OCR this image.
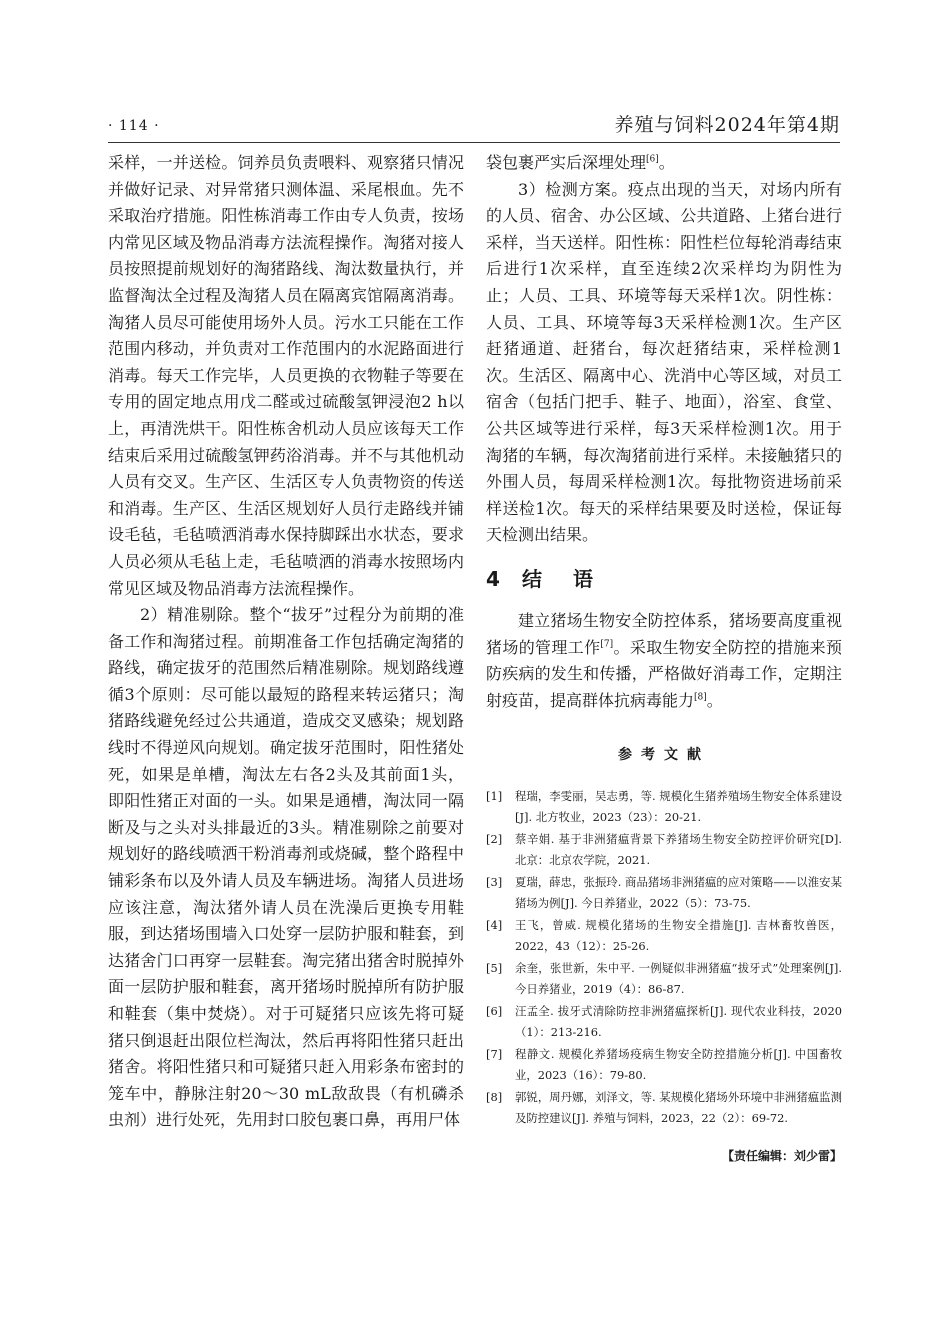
· 114 ·	养殖与饲料2024年第4期

采样，一并送检。饲养员负责喂料、观察猪只情况并做好记录、对异常猪只测体温、采尾根血。先不采取治疗措施。阳性栋消毒工作由专人负责，按场内常见区域及物品消毒方法流程操作。淘猪对接人员按照提前规划好的淘猪路线、淘汰数量执行，并监督淘汰全过程及淘猪人员在隔离宾馆隔离消毒。淘猪人员尽可能使用场外人员。污水工只能在工作范围内移动，并负责对工作范围内的水泥路面进行消毒。每天工作完毕，人员更换的衣物鞋子等要在专用的固定地点用戊二醛或过硫酸氢钾浸泡2 h以上，再清洗烘干。阳性栋舍机动人员应该每天工作结束后采用过硫酸氢钾药浴消毒。并不与其他机动人员有交叉。生产区、生活区专人负责物资的传送和消毒。生产区、生活区规划好人员行走路线并铺设毛毡，毛毡喷洒消毒水保持脚踩出水状态，要求人员必须从毛毡上走，毛毡喷洒的消毒水按照场内常见区域及物品消毒方法流程操作。

2）精准剔除。整个“拔牙”过程分为前期的准备工作和淘猪过程。前期准备工作包括确定淘猪的路线，确定拔牙的范围然后精准剔除。规划路线遵循3个原则：尽可能以最短的路程来转运猪只；淘猪路线避免经过公共通道，造成交叉感染；规划路线时不得逆风向规划。确定拔牙范围时，阳性猪处死，如果是单槽，淘汰左右各2头及其前面1头，即阳性猪正对面的一头。如果是通槽，淘汰同一隔断及与之头对头排最近的3头。精准剔除之前要对规划好的路线喷洒干粉消毒剂或烧碱，整个路程中铺彩条布以及外请人员及车辆进场。淘猪人员进场应该注意，淘汰猪外请人员在洗澡后更换专用鞋服，到达猪场围墙入口处穿一层防护服和鞋套，到达猪舍门口再穿一层鞋套。淘完猪出猪舍时脱掉外面一层防护服和鞋套，离开猪场时脱掉所有防护服和鞋套（集中焚烧）。对于可疑猪只应该先将可疑猪只倒退赶出限位栏淘汰，然后再将阳性猪只赶出猪舍。将阳性猪只和可疑猪只赶入用彩条布密封的笼车中，静脉注射20～30 mL敌敌畏（有机磷杀虫剂）进行处死，先用封口胶包裹口鼻，再用尸体

袋包裹严实后深埋处理[6]。

3）检测方案。疫点出现的当天，对场内所有的人员、宿舍、办公区域、公共道路、上猪台进行采样，当天送样。阳性栋：阳性栏位每轮消毒结束后进行1次采样，直至连续2次采样均为阴性为止；人员、工具、环境等每天采样1次。阴性栋：人员、工具、环境等每3天采样检测1次。生产区赶猪通道、赶猪台，每次赶猪结束，采样检测1次。生活区、隔离中心、洗消中心等区域，对员工宿舍（包括门把手、鞋子、地面），浴室、食堂、公共区域等进行采样，每3天采样检测1次。用于淘猪的车辆，每次淘猪前进行采样。未接触猪只的外围人员，每周采样检测1次。每批物资进场前采样送检1次。每天的采样结果要及时送检，保证每天检测出结果。

4 结 语

建立猪场生物安全防控体系，猪场要高度重视猪场的管理工作[7]。采取生物安全防控的措施来预防疾病的发生和传播，严格做好消毒工作，定期注射疫苗，提高群体抗病毒能力[8]。

参考文献
[1] 程瑞，李雯丽，吴志勇，等. 规模化生猪养殖场生物安全体系建设[J]. 北方牧业，2023（23）：20-21.
[2] 蔡辛娟. 基于非洲猪瘟背景下养猪场生物安全防控评价研究[D]. 北京：北京农学院，2021.
[3] 夏瑞，薛忠，张振玲. 商品猪场非洲猪瘟的应对策略——以淮安某猪场为例[J]. 今日养猪业，2022（5）：73-75.
[4] 王飞，曾威. 规模化猪场的生物安全措施[J]. 吉林畜牧兽医，2022，43（12）：25-26.
[5] 余奎，张世新，朱中平. 一例疑似非洲猪瘟“拔牙式”处理案例[J]. 今日养猪业，2019（4）：86-87.
[6] 汪孟全. 拔牙式清除防控非洲猪瘟探析[J]. 现代农业科技，2020（1）：213-216.
[7] 程静文. 规模化养猪场疫病生物安全防控措施分析[J]. 中国畜牧业，2023（16）：79-80.
[8] 郭锐，周丹娜，刘泽文，等. 某规模化猪场外环境中非洲猪瘟监测及防控建议[J]. 养殖与饲料，2023，22（2）：69-72.
【责任编辑：刘少雷】
